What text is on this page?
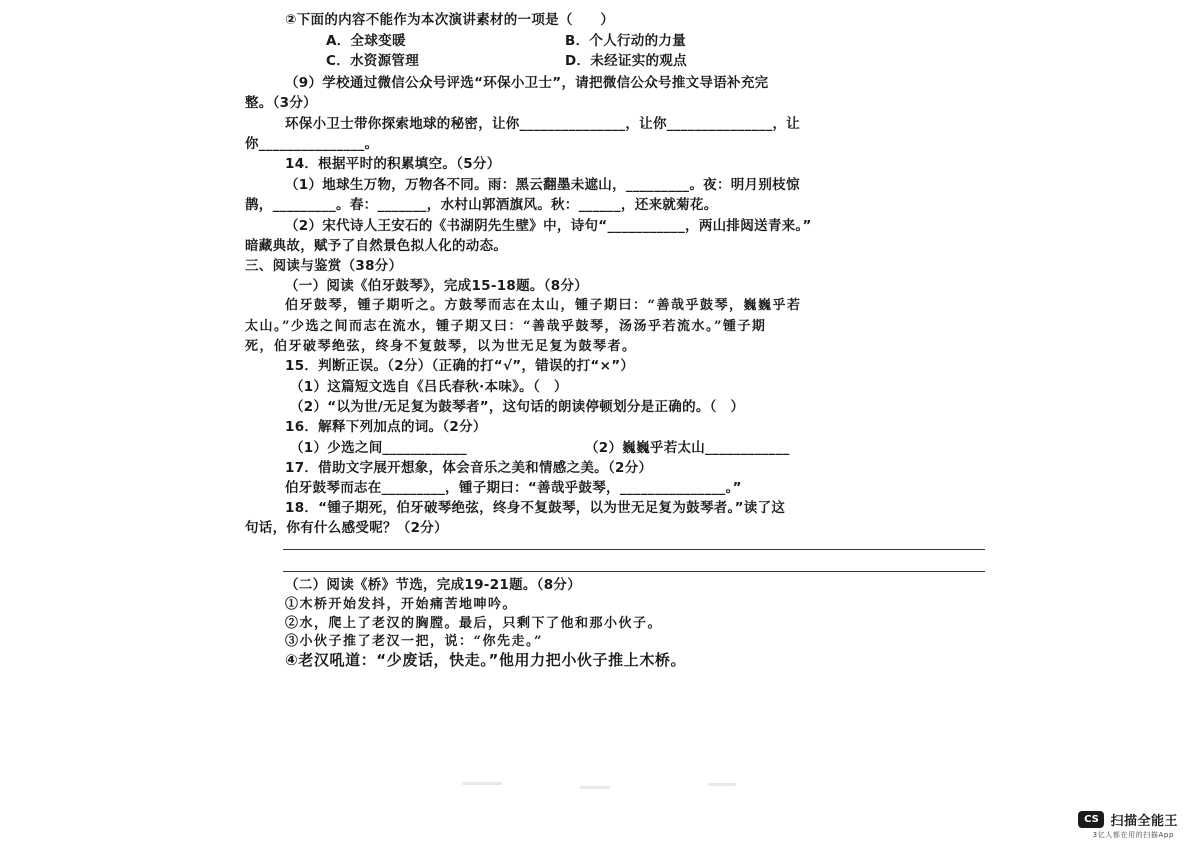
②下面的内容不能作为本次演讲素材的一项是（　　）
A．全球变暖	B．个人行动的力量
C．水资源管理	D．未经证实的观点
（9）学校通过微信公众号评选“环保小卫士”，请把微信公众号推文导语补充完
整。（3分）
环保小卫士带你探索地球的秘密，让你_______________，让你_______________，让
你_______________。
14．根据平时的积累填空。（5分）
（1）地球生万物，万物各不同。雨：黑云翻墨未遮山，_________。夜：明月别枝惊
鹊，_________。春：_______，水村山郭酒旗风。秋：______，还来就菊花。
（2）宋代诗人王安石的《书湖阴先生壁》中，诗句“___________，两山排闼送青来。”
暗藏典故，赋予了自然景色拟人化的动态。
三、阅读与鉴赏（38分）
（一）阅读《伯牙鼓琴》，完成15-18题。（8分）
伯牙鼓琴，锺子期听之。方鼓琴而志在太山，锺子期曰：“善哉乎鼓琴，巍巍乎若
太山。”少选之间而志在流水，锺子期又曰：“善哉乎鼓琴，汤汤乎若流水。”锺子期
死，伯牙破琴绝弦，终身不复鼓琴，以为世无足复为鼓琴者。
15．判断正误。（2分）（正确的打“√”，错误的打“×”）
（1）这篇短文选自《吕氏春秋·本味》。（　）
（2）“以为世/无足复为鼓琴者”，这句话的朗读停顿划分是正确的。（　）
16．解释下列加点的词。（2分）
（1）少选之间____________	（2）巍巍乎若太山____________
17．借助文字展开想象，体会音乐之美和情感之美。（2分）
伯牙鼓琴而志在_________，锺子期曰：“善哉乎鼓琴，_______________。”
18．“锺子期死，伯牙破琴绝弦，终身不复鼓琴，以为世无足复为鼓琴者。”读了这
句话，你有什么感受呢？（2分）
（二）阅读《桥》节选，完成19-21题。（8分）
①木桥开始发抖，开始痛苦地呻吟。
②水，爬上了老汉的胸膛。最后，只剩下了他和那小伙子。
③小伙子推了老汉一把，说：“你先走。”
④老汉吼道：“少废话，快走。”他用力把小伙子推上木桥。
CS 扫描全能王
3亿人都在用的扫描App
